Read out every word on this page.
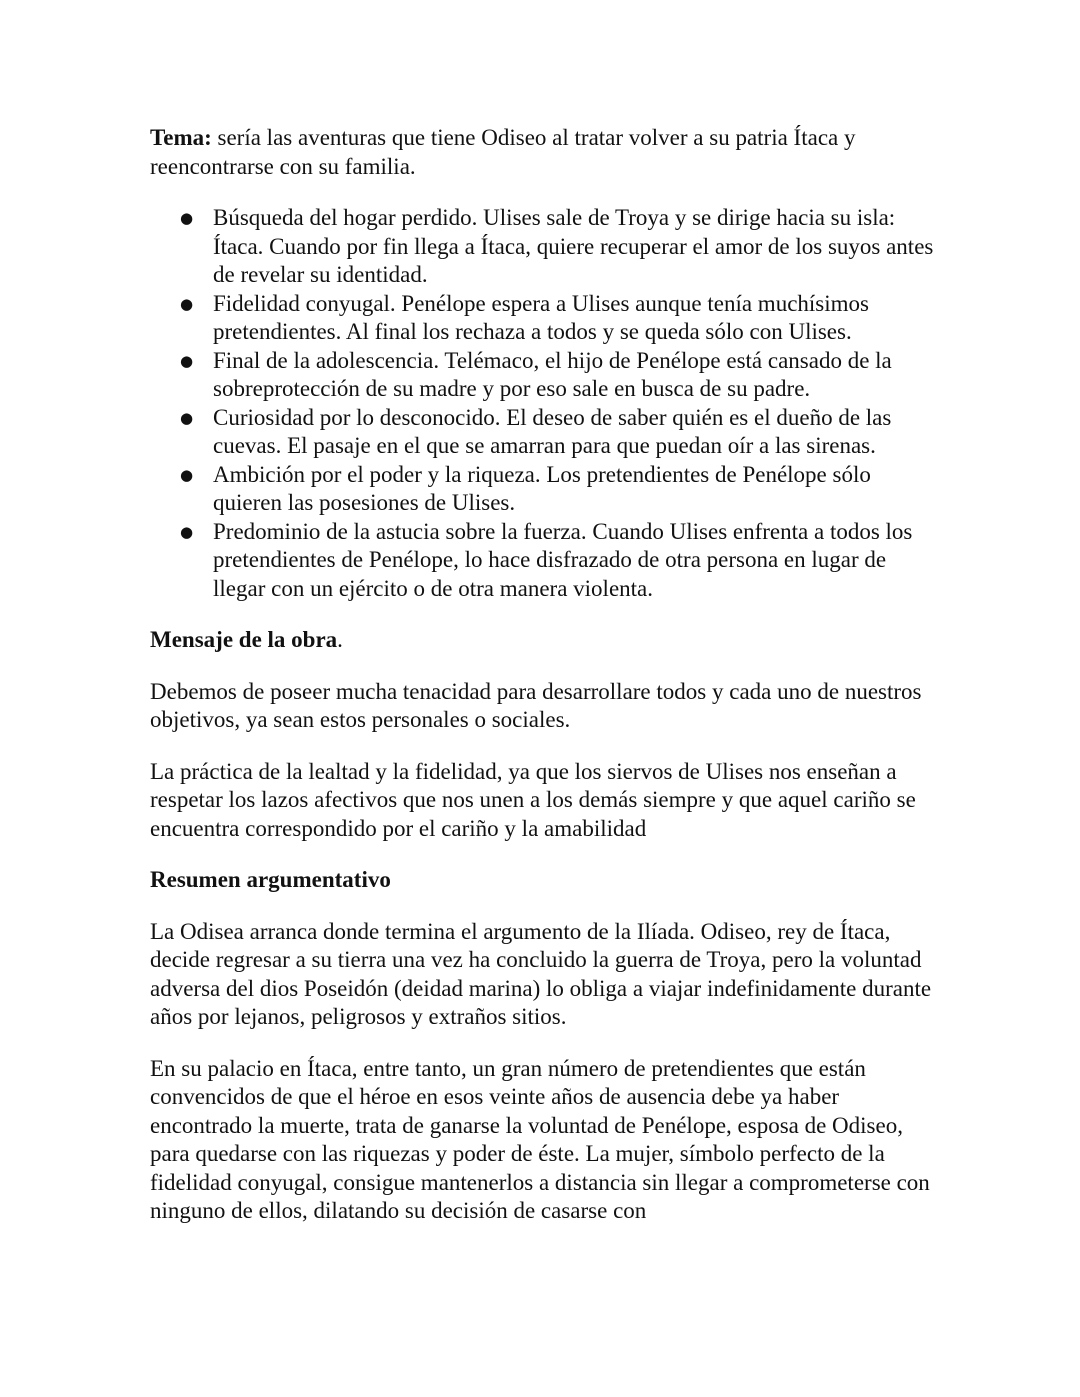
Tema: sería las aventuras que tiene Odiseo al tratar volver a su patria Ítaca y reencontrarse con su familia.

● Búsqueda del hogar perdido. Ulises sale de Troya y se dirige hacia su isla: Ítaca. Cuando por fin llega a Ítaca, quiere recuperar el amor de los suyos antes de revelar su identidad.
● Fidelidad conyugal. Penélope espera a Ulises aunque tenía muchísimos pretendientes. Al final los rechaza a todos y se queda sólo con Ulises.
● Final de la adolescencia. Telémaco, el hijo de Penélope está cansado de la sobreprotección de su madre y por eso sale en busca de su padre.
● Curiosidad por lo desconocido. El deseo de saber quién es el dueño de las cuevas. El pasaje en el que se amarran para que puedan oír a las sirenas.
● Ambición por el poder y la riqueza. Los pretendientes de Penélope sólo quieren las posesiones de Ulises.
● Predominio de la astucia sobre la fuerza. Cuando Ulises enfrenta a todos los pretendientes de Penélope, lo hace disfrazado de otra persona en lugar de llegar con un ejército o de otra manera violenta.

Mensaje de la obra.

Debemos de poseer mucha tenacidad para desarrollare todos y cada uno de nuestros objetivos, ya sean estos personales o sociales.

La práctica de la lealtad y la fidelidad, ya que los siervos de Ulises nos enseñan a respetar los lazos afectivos que nos unen a los demás siempre y que aquel cariño se encuentra correspondido por el cariño y la amabilidad

Resumen argumentativo

La Odisea arranca donde termina el argumento de la Ilíada. Odiseo, rey de Ítaca, decide regresar a su tierra una vez ha concluido la guerra de Troya, pero la voluntad adversa del dios Poseidón (deidad marina) lo obliga a viajar indefinidamente durante años por lejanos, peligrosos y extraños sitios.

En su palacio en Ítaca, entre tanto, un gran número de pretendientes que están convencidos de que el héroe en esos veinte años de ausencia debe ya haber encontrado la muerte, trata de ganarse la voluntad de Penélope, esposa de Odiseo, para quedarse con las riquezas y poder de éste. La mujer, símbolo perfecto de la fidelidad conyugal, consigue mantenerlos a distancia sin llegar a comprometerse con ninguno de ellos, dilatando su decisión de casarse con
